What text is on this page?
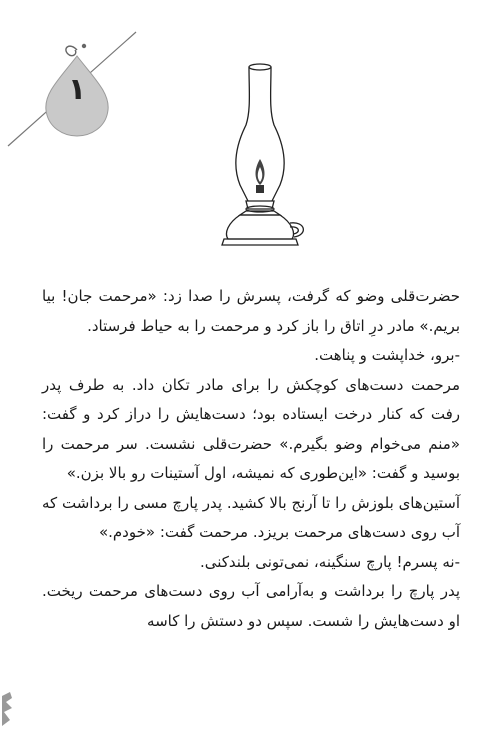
۱

حضرت‌قلی وضو که گرفت، پسرش را صدا زد: «مرحمت جان! بیا بریم.» مادر درِ اتاق را باز کرد و مرحمت را به حیاط فرستاد.

-برو، خداپشت و پناهت.

مرحمت دست‌های کوچکش را برای مادر تکان داد. به طرف پدر رفت که کنار درخت ایستاده بود؛ دست‌هایش را دراز کرد و گفت: «منم می‌خوام وضو بگیرم.» حضرت‌قلی نشست. سر مرحمت را بوسید و گفت: «این‌طوری که نمیشه، اول آستینات رو بالا بزن.»

آستین‌های بلوزش را تا آرنج بالا کشید. پدر پارچ مسی را برداشت که آب روی دست‌های مرحمت بریزد. مرحمت گفت: «خودم.»

-نه پسرم! پارچ سنگینه، نمی‌تونی بلندکنی.

پدر پارچ را برداشت و به‌آرامی آب روی دست‌های مرحمت ریخت. او دست‌هایش را شست. سپس دو دستش را کاسه
